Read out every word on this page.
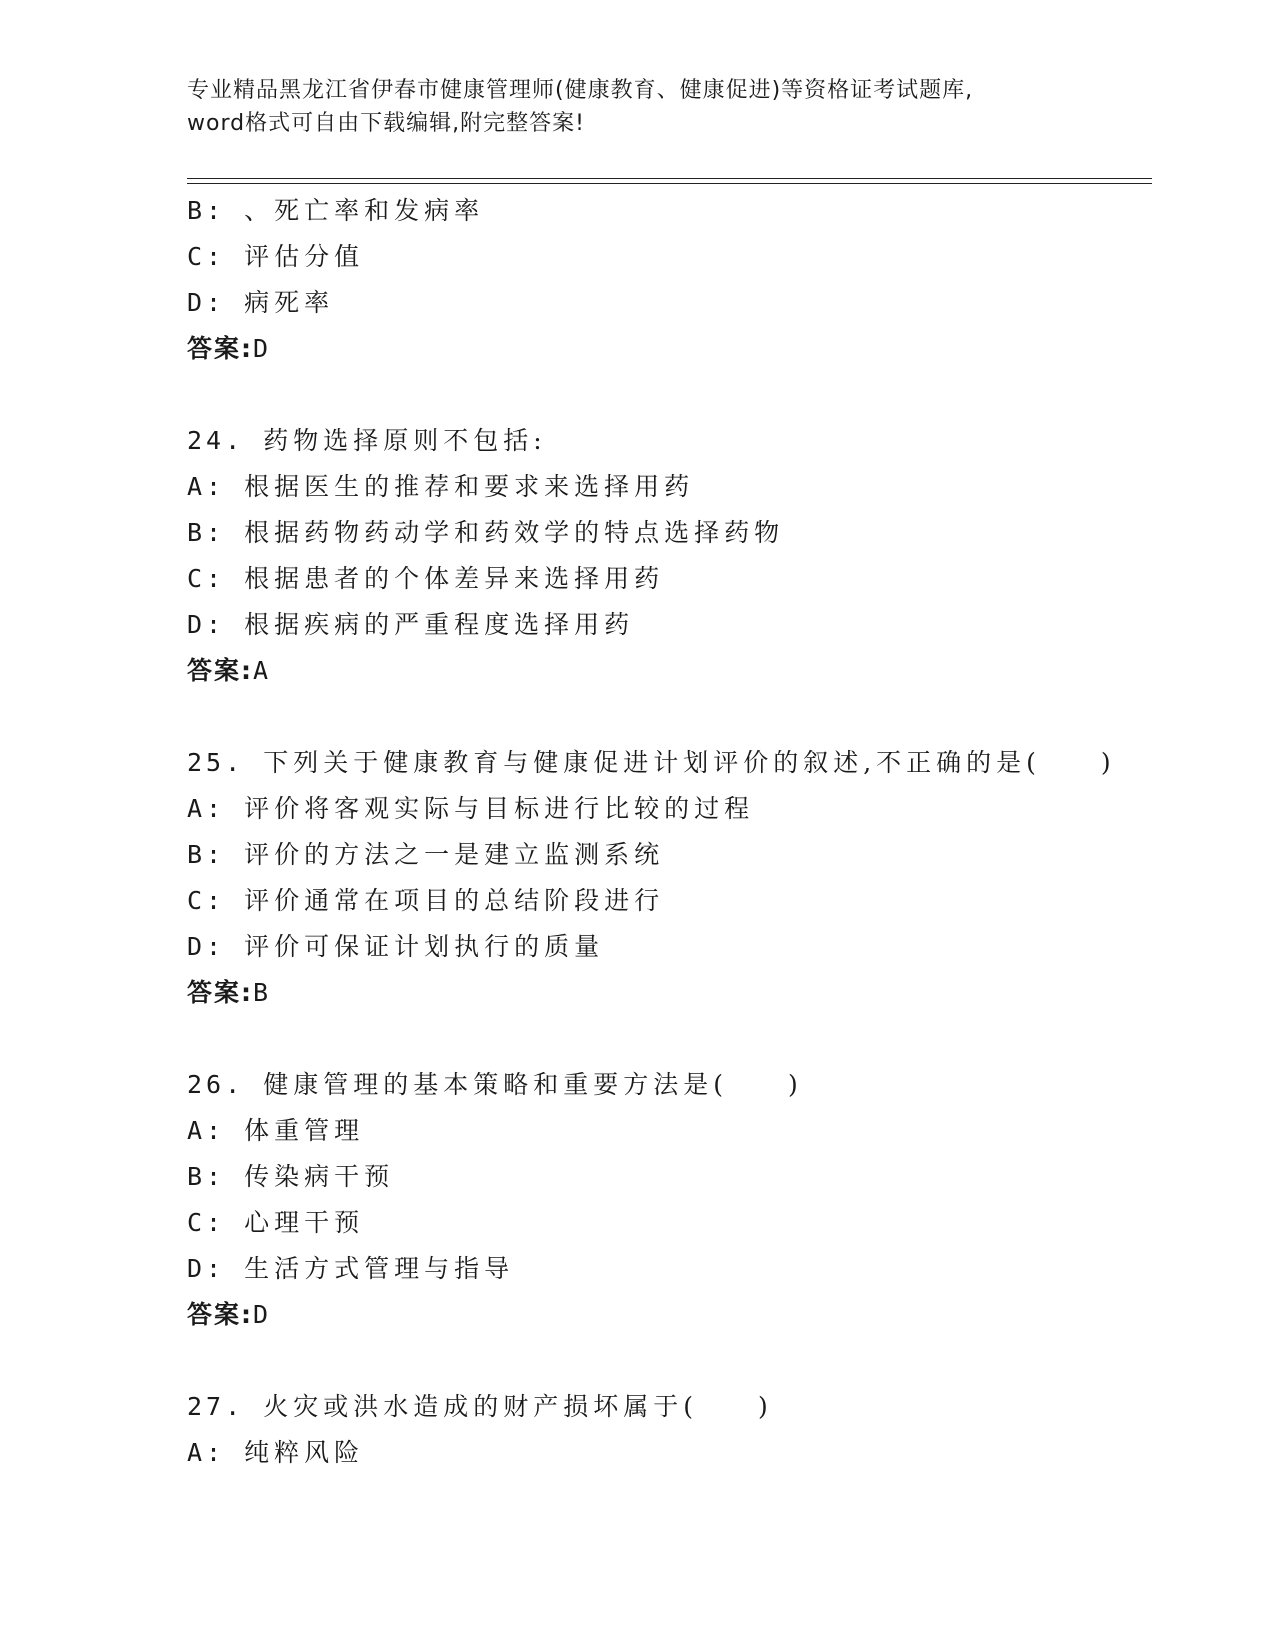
专业精品黑龙江省伊春市健康管理师(健康教育、健康促进)等资格证考试题库,
word格式可自由下载编辑,附完整答案!
B: 、死亡率和发病率
C: 评估分值
D: 病死率
答案:D
24. 药物选择原则不包括:
A: 根据医生的推荐和要求来选择用药
B: 根据药物药动学和药效学的特点选择药物
C: 根据患者的个体差异来选择用药
D: 根据疾病的严重程度选择用药
答案:A
25. 下列关于健康教育与健康促进计划评价的叙述,不正确的是(　　)
A: 评价将客观实际与目标进行比较的过程
B: 评价的方法之一是建立监测系统
C: 评价通常在项目的总结阶段进行
D: 评价可保证计划执行的质量
答案:B
26. 健康管理的基本策略和重要方法是(　　)
A: 体重管理
B: 传染病干预
C: 心理干预
D: 生活方式管理与指导
答案:D
27. 火灾或洪水造成的财产损坏属于(　　)
A: 纯粹风险
